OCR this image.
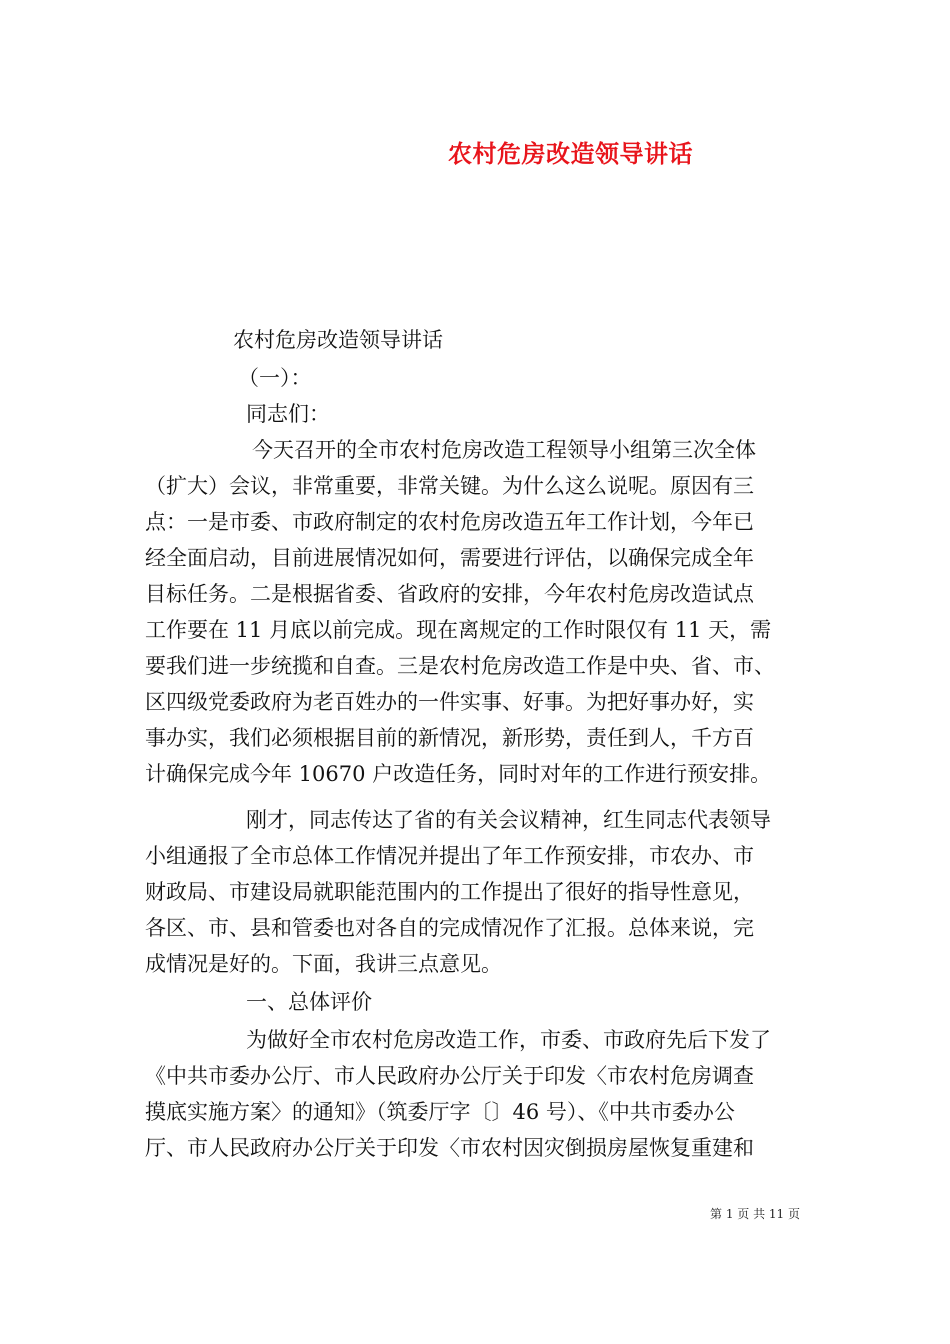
农村危房改造领导讲话
农村危房改造领导讲话
（一）：
同志们：
今天召开的全市农村危房改造工程领导小组第三次全体
（扩大）会议，非常重要，非常关键。为什么这么说呢。原因有三
点：一是市委、市政府制定的农村危房改造五年工作计划，今年已
经全面启动，目前进展情况如何，需要进行评估，以确保完成全年
目标任务。二是根据省委、省政府的安排，今年农村危房改造试点
工作要在 11 月底以前完成。现在离规定的工作时限仅有 11 天，需
要我们进一步统揽和自查。三是农村危房改造工作是中央、省、市、
区四级党委政府为老百姓办的一件实事、好事。为把好事办好，实
事办实，我们必须根据目前的新情况，新形势，责任到人，千方百
计确保完成今年 10670 户改造任务，同时对年的工作进行预安排。
刚才，同志传达了省的有关会议精神，红生同志代表领导
小组通报了全市总体工作情况并提出了年工作预安排，市农办、市
财政局、市建设局就职能范围内的工作提出了很好的指导性意见，
各区、市、县和管委也对各自的完成情况作了汇报。总体来说，完
成情况是好的。下面，我讲三点意见。
一、总体评价
为做好全市农村危房改造工作，市委、市政府先后下发了
《中共市委办公厅、市人民政府办公厅关于印发〈市农村危房调查
摸底实施方案〉的通知》（筑委厅字〔〕46 号）、《中共市委办公
厅、市人民政府办公厅关于印发〈市农村因灾倒损房屋恢复重建和
第 1 页 共 11 页
